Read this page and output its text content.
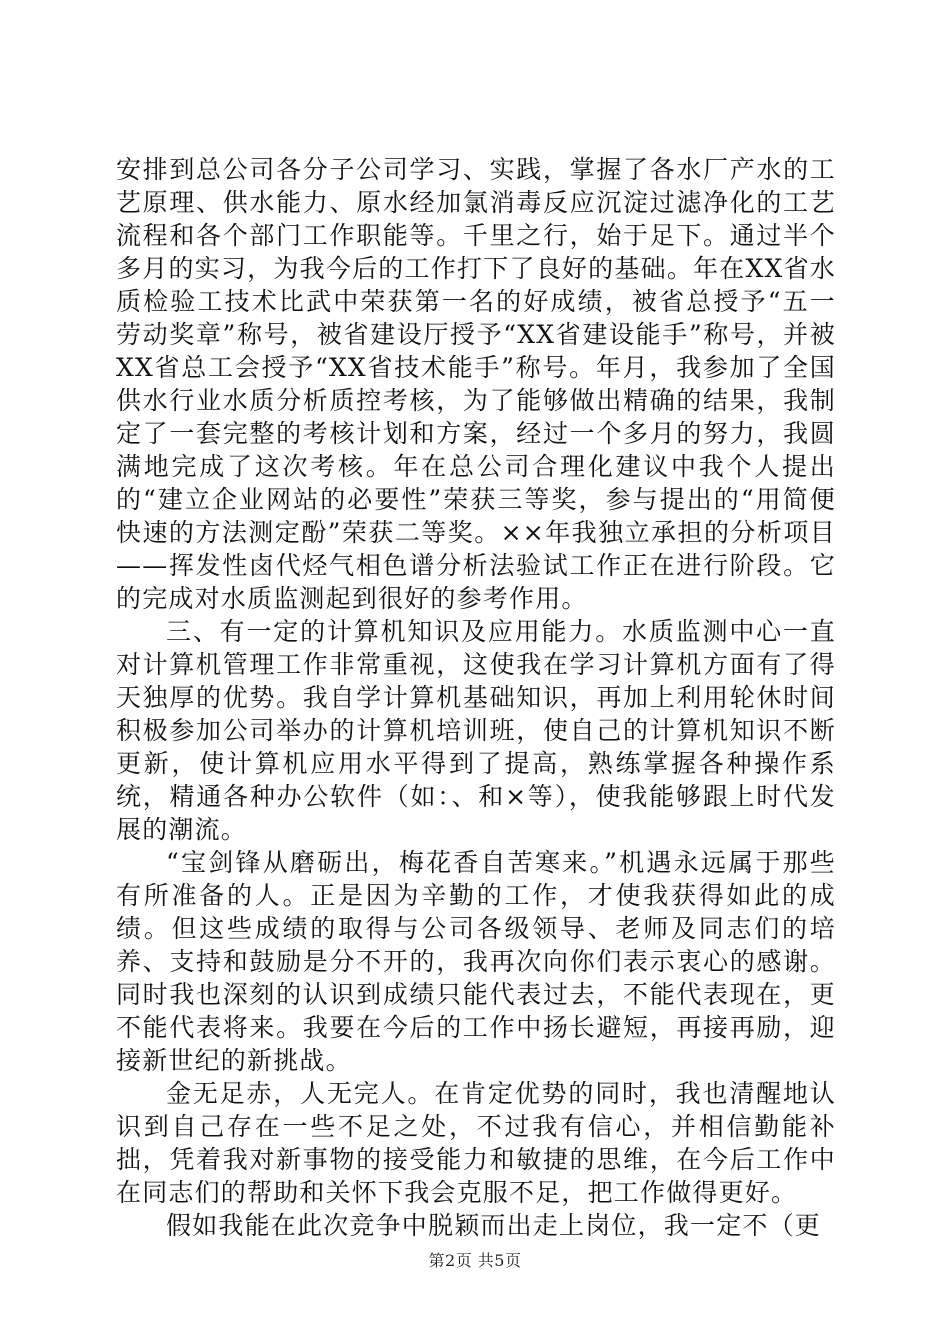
安排到总公司各分子公司学习、实践，掌握了各水厂产水的工艺原理、供水能力、原水经加氯消毒反应沉淀过滤净化的工艺流程和各个部门工作职能等。千里之行，始于足下。通过半个多月的实习，为我今后的工作打下了良好的基础。年在XX省水质检验工技术比武中荣获第一名的好成绩，被省总授予“五一劳动奖章”称号，被省建设厅授予“XX省建设能手”称号，并被XX省总工会授予“XX省技术能手”称号。年月，我参加了全国供水行业水质分析质控考核，为了能够做出精确的结果，我制定了一套完整的考核计划和方案，经过一个多月的努力，我圆满地完成了这次考核。年在总公司合理化建议中我个人提出的“建立企业网站的必要性”荣获三等奖，参与提出的“用简便快速的方法测定酚”荣获二等奖。××年我独立承担的分析项目——挥发性卤代烃气相色谱分析法验试工作正在进行阶段。它的完成对水质监测起到很好的参考作用。

三、有一定的计算机知识及应用能力。水质监测中心一直对计算机管理工作非常重视，这使我在学习计算机方面有了得天独厚的优势。我自学计算机基础知识，再加上利用轮休时间积极参加公司举办的计算机培训班，使自己的计算机知识不断更新，使计算机应用水平得到了提高，熟练掌握各种操作系统，精通各种办公软件（如：、和×等），使我能够跟上时代发展的潮流。

“宝剑锋从磨砺出，梅花香自苦寒来。”机遇永远属于那些有所准备的人。正是因为辛勤的工作，才使我获得如此的成绩。但这些成绩的取得与公司各级领导、老师及同志们的培养、支持和鼓励是分不开的，我再次向你们表示衷心的感谢。同时我也深刻的认识到成绩只能代表过去，不能代表现在，更不能代表将来。我要在今后的工作中扬长避短，再接再励，迎接新世纪的新挑战。

金无足赤，人无完人。在肯定优势的同时，我也清醒地认识到自己存在一些不足之处，不过我有信心，并相信勤能补拙，凭着我对新事物的接受能力和敏捷的思维，在今后工作中在同志们的帮助和关怀下我会克服不足，把工作做得更好。

假如我能在此次竞争中脱颖而出走上岗位，我一定不（更

第2页 共5页
